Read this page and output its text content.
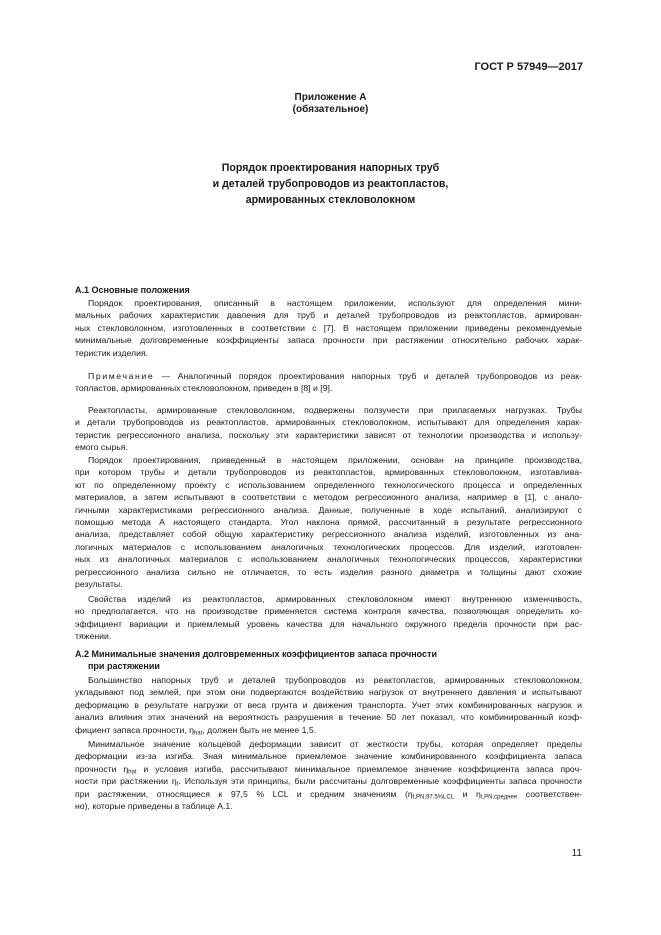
ГОСТ Р 57949—2017
Приложение А
(обязательное)
Порядок проектирования напорных труб
и деталей трубопроводов из реактопластов,
армированных стекловолокном
А.1 Основные положения
Порядок проектирования, описанный в настоящем приложении, используют для определения мини-
мальных рабочих характеристик давления для труб и деталей трубопроводов из реактопластов, армирован-
ных стекловолокном, изготовленных в соответствии с [7]. В настоящем приложении приведены рекомендуемые
минимальные долговременные коэффициенты запаса прочности при растяжении относительно рабочих харак-
теристик изделия.
Примечание — Аналогичный порядок проектирования напорных труб и деталей трубопроводов из реак-
топластов, армированных стекловолокном, приведен в [8] и [9].
Реактопласты, армированные стекловолокном, подвержены ползучести при прилагаемых нагрузках. Трубы
и детали трубопроводов из реактопластов, армированных стекловолокном, испытывают для определения харак-
теристик регрессионного анализа, поскольку эти характеристики зависят от технологии производства и использу-
емого сырья.
Порядок проектирования, приведенный в настоящем приложении, основан на принципе производства,
при котором трубы и детали трубопроводов из реактопластов, армированных стекловолокном, изготавлива-
ют по определенному проекту с использованием определенного технологического процесса и определенных
материалов, а затем испытывают в соответствии с методом регрессионного анализа, например в [1], с аналo-
гичными характеристиками регрессионного анализа. Данные, полученные в ходе испытаний, анализируют с
помощью метода А настоящего стандарта. Угол наклона прямой, рассчитанный в результате регрессионного
анализа, представляет собой общую характеристику регрессионного анализа изделий, изготовленных из ана-
логичных материалов с использованием аналогичных технологических процессов. Для изделий, изготовлен-
ных из аналогичных материалов с использованием аналогичных технологических процессов, характеристики
регрессионного анализа сильно не отличается, то есть изделия разного диаметра и толщины дают схожие
результаты.
Свойства изделий из реактопластов, армированных стекловолокном имеют внутреннюю изменчивость,
но предполагается, что на производстве применяется система контроля качества, позволяющая определить ко-
эффициент вариации и приемлемый уровень качества для начального окружного предела прочности при рас-
тяжении.
А.2 Минимальные значения долговременных коэффициентов запаса прочности
при растяжении
Большинство напорных труб и деталей трубопроводов из реактопластов, армированных стекловолокном,
укладывают под землей, при этом они подвергаются воздействию нагрузок от внутреннего давления и испытывают
деформацию в результате нагрузки от веса грунта и движения транспорта. Учет этих комбинированных нагрузок и
анализ влияния этих значений на вероятность разрушения в течение 50 лет показал, что комбинированный коэф-
фициент запаса прочности, $\eta_{hat}$, должен быть не менее 1,5.
Минимальное значение кольцевой деформации зависит от жесткости трубы, которая определяет пределы
деформации из-за изгиба. Зная минимальное приемлемое значение комбинированного коэффициента запаса
прочности $\eta_{hat}$ и условия изгиба, рассчитывают минимальное приемлемое значение коэффициента запаса проч-
ности при растяжении $\eta_t$. Используя эти принципы, были рассчитаны долговременные коэффициенты запаса прочности
при растяжении, относящиеся к 97,5 % LCL и средним значениям ($\eta_{t,PN,97.5\%LCL}$ и $\eta_{t,PN,среднее}$ соответствен-
но), которые приведены в таблице А.1.
11
